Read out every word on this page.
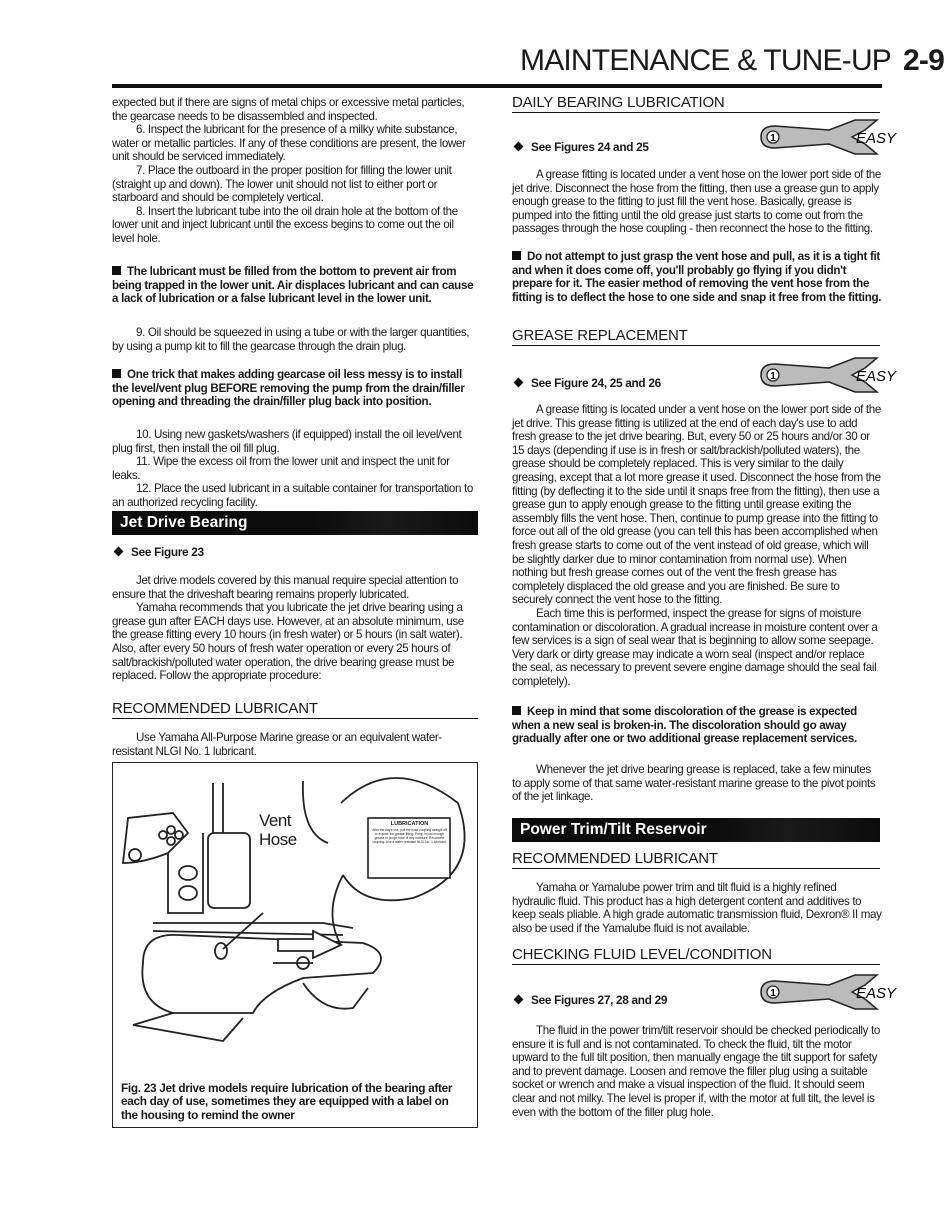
MAINTENANCE & TUNE-UP 2-9

expected but if there are signs of metal chips or excessive metal particles, the gearcase needs to be disassembled and inspected.

6. Inspect the lubricant for the presence of a milky white substance, water or metallic particles. If any of these conditions are present, the lower unit should be serviced immediately.

7. Place the outboard in the proper position for filling the lower unit (straight up and down). The lower unit should not list to either port or starboard and should be completely vertical.

8. Insert the lubricant tube into the oil drain hole at the bottom of the lower unit and inject lubricant until the excess begins to come out the oil level hole.

The lubricant must be filled from the bottom to prevent air from being trapped in the lower unit. Air displaces lubricant and can cause a lack of lubrication or a false lubricant level in the lower unit.

9. Oil should be squeezed in using a tube or with the larger quantities, by using a pump kit to fill the gearcase through the drain plug.

One trick that makes adding gearcase oil less messy is to install the level/vent plug BEFORE removing the pump from the drain/filler opening and threading the drain/filler plug back into position.

10. Using new gaskets/washers (if equipped) install the oil level/vent plug first, then install the oil fill plug.

11. Wipe the excess oil from the lower unit and inspect the unit for leaks.

12. Place the used lubricant in a suitable container for transportation to an authorized recycling facility.

Jet Drive Bearing
See Figure 23

Jet drive models covered by this manual require special attention to ensure that the driveshaft bearing remains properly lubricated.

Yamaha recommends that you lubricate the jet drive bearing using a grease gun after EACH days use. However, at an absolute minimum, use the grease fitting every 10 hours (in fresh water) or 5 hours (in salt water). Also, after every 50 hours of fresh water operation or every 25 hours of salt/brackish/polluted water operation, the drive bearing grease must be replaced. Follow the appropriate procedure:

RECOMMENDED LUBRICANT

Use Yamaha All-Purpose Marine grease or an equivalent water-resistant NLGI No. 1 lubricant.

Vent
Hose
LUBRICATION
After the day's use, pull the hose coupling straight off to expose the grease fitting. Pump in just enough grease to purge hose of any moisture. Reconnect coupling. Use a water-resistant NLGI No. 1 lubricant.
Fig. 23 Jet drive models require lubrication of the bearing after each day of use, sometimes they are equipped with a label on the housing to remind the owner
DAILY BEARING LUBRICATION
1	EASY
See Figures 24 and 25

A grease fitting is located under a vent hose on the lower port side of the jet drive. Disconnect the hose from the fitting, then use a grease gun to apply enough grease to the fitting to just fill the vent hose. Basically, grease is pumped into the fitting until the old grease just starts to come out from the passages through the hose coupling - then reconnect the hose to the fitting.

Do not attempt to just grasp the vent hose and pull, as it is a tight fit and when it does come off, you'll probably go flying if you didn't prepare for it. The easier method of removing the vent hose from the fitting is to deflect the hose to one side and snap it free from the fitting.
GREASE REPLACEMENT
1	EASY
See Figure 24, 25 and 26

A grease fitting is located under a vent hose on the lower port side of the jet drive. This grease fitting is utilized at the end of each day's use to add fresh grease to the jet drive bearing. But, every 50 or 25 hours and/or 30 or 15 days (depending if use is in fresh or salt/brackish/polluted waters), the grease should be completely replaced. This is very similar to the daily greasing, except that a lot more grease it used. Disconnect the hose from the fitting (by deflecting it to the side until it snaps free from the fitting), then use a grease gun to apply enough grease to the fitting until grease exiting the assembly fills the vent hose. Then, continue to pump grease into the fitting to force out all of the old grease (you can tell this has been accomplished when fresh grease starts to come out of the vent instead of old grease, which will be slightly darker due to minor contamination from normal use). When nothing but fresh grease comes out of the vent the fresh grease has completely displaced the old grease and you are finished. Be sure to securely connect the vent hose to the fitting.

Each time this is performed, inspect the grease for signs of moisture contamination or discoloration. A gradual increase in moisture content over a few services is a sign of seal wear that is beginning to allow some seepage. Very dark or dirty grease may indicate a worn seal (inspect and/or replace the seal, as necessary to prevent severe engine damage should the seal fail completely).

Keep in mind that some discoloration of the grease is expected when a new seal is broken-in. The discoloration should go away gradually after one or two additional grease replacement services.

Whenever the jet drive bearing grease is replaced, take a few minutes to apply some of that same water-resistant marine grease to the pivot points of the jet linkage.

Power Trim/Tilt Reservoir
RECOMMENDED LUBRICANT

Yamaha or Yamalube power trim and tilt fluid is a highly refined hydraulic fluid. This product has a high detergent content and additives to keep seals pliable. A high grade automatic transmission fluid, Dexron® II may also be used if the Yamalube fluid is not available.

CHECKING FLUID LEVEL/CONDITION
1	EASY
See Figures 27, 28 and 29

The fluid in the power trim/tilt reservoir should be checked periodically to ensure it is full and is not contaminated. To check the fluid, tilt the motor upward to the full tilt position, then manually engage the tilt support for safety and to prevent damage. Loosen and remove the filler plug using a suitable socket or wrench and make a visual inspection of the fluid. It should seem clear and not milky. The level is proper if, with the motor at full tilt, the level is even with the bottom of the filler plug hole.
